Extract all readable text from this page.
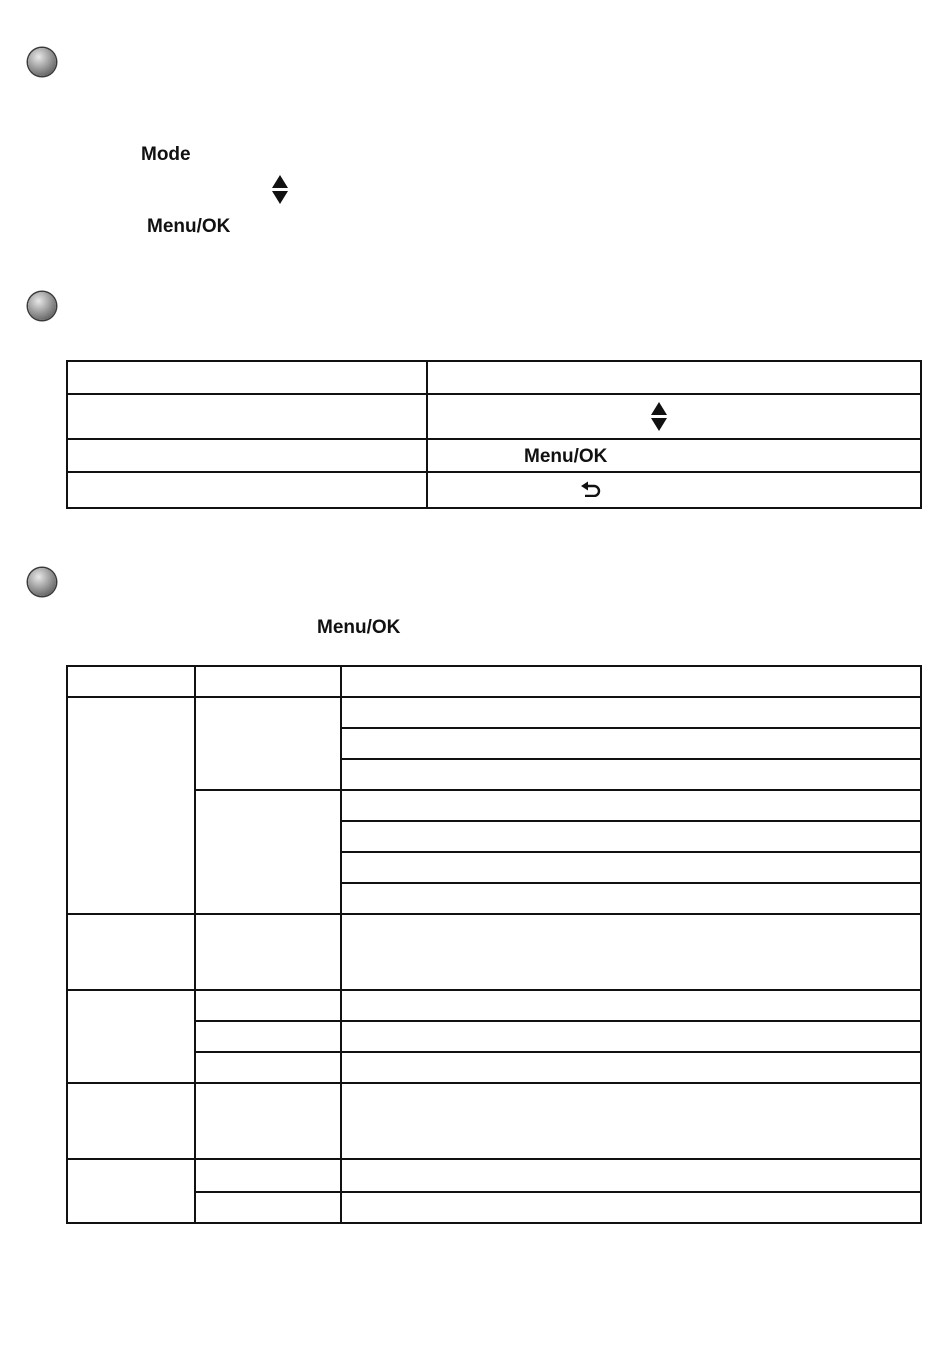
Mode
Menu/OK
Menu/OK
Menu/OK
